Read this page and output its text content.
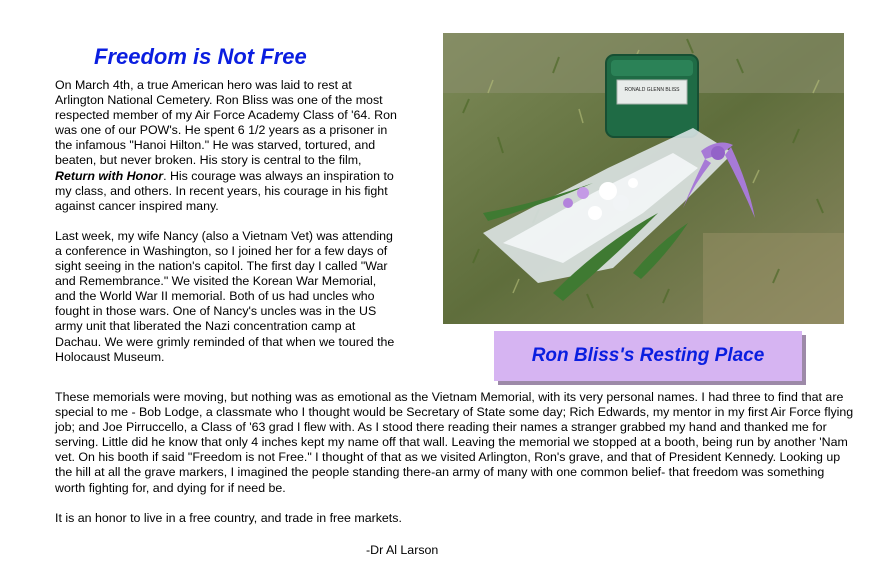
Freedom is Not Free

On March 4th, a true American hero was laid to rest at Arlington National Cemetery. Ron Bliss was one of the most respected member of my Air Force Academy Class of '64. Ron was one of our POW's. He spent 6 1/2 years as a prisoner in the infamous "Hanoi Hilton." He was starved, tortured, and beaten, but never broken. His story is central to the film, Return with Honor. His courage was always an inspiration to my class, and others. In recent years, his courage in his fight against cancer inspired many.

Last week, my wife Nancy (also a Vietnam Vet) was attending a conference in Washington, so I joined her for a few days of sight seeing in the nation's capitol. The first day I called "War and Remembrance." We visited the Korean War Memorial, and the World War II memorial. Both of us had uncles who fought in those wars. One of Nancy's uncles was in the US army unit that liberated the Nazi concentration camp at Dachau. We were grimly reminded of that when we toured the Holocaust Museum.

RONALD GLENN BLISS
Ron Bliss's Resting Place

These memorials were moving, but nothing was as emotional as the Vietnam Memorial, with its very personal names. I had three to find that are special to me - Bob Lodge, a classmate who I thought would be Secretary of State some day; Rich Edwards, my mentor in my first Air Force flying job; and Joe Pirruccello, a Class of '63 grad I flew with. As I stood there reading their names a stranger grabbed my hand and thanked me for serving. Little did he know that only 4 inches kept my name off that wall. Leaving the memorial we stopped at a booth, being run by another 'Nam vet. On his booth if said "Freedom is not Free." I thought of that as we visited Arlington, Ron's grave, and that of President Kennedy. Looking up the hill at all the grave markers, I imagined the people standing there-an army of many with one common belief- that freedom was something worth fighting for, and dying for if need be.

It is an honor to live in a free country, and trade in free markets.

-Dr Al Larson
